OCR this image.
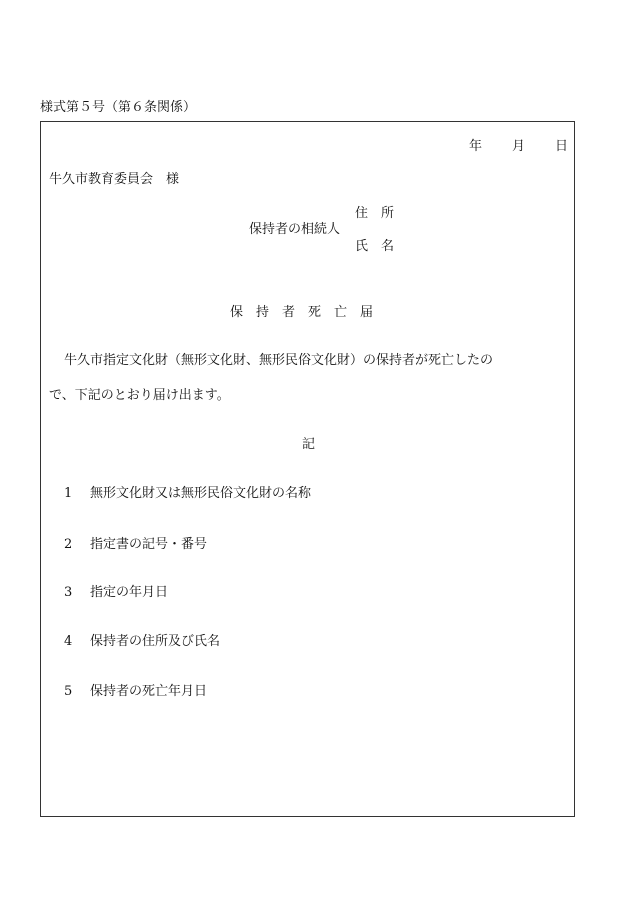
様式第５号（第６条関係）
年 月 日
牛久市教育委員会　様
住　所
保持者の相続人
氏　名
保　持　者　死　亡　届
牛久市指定文化財（無形文化財、無形民俗文化財）の保持者が死亡したの
で、下記のとおり届け出ます。
記
1 無形文化財又は無形民俗文化財の名称
2 指定書の記号・番号
3 指定の年月日
4 保持者の住所及び氏名
5 保持者の死亡年月日
